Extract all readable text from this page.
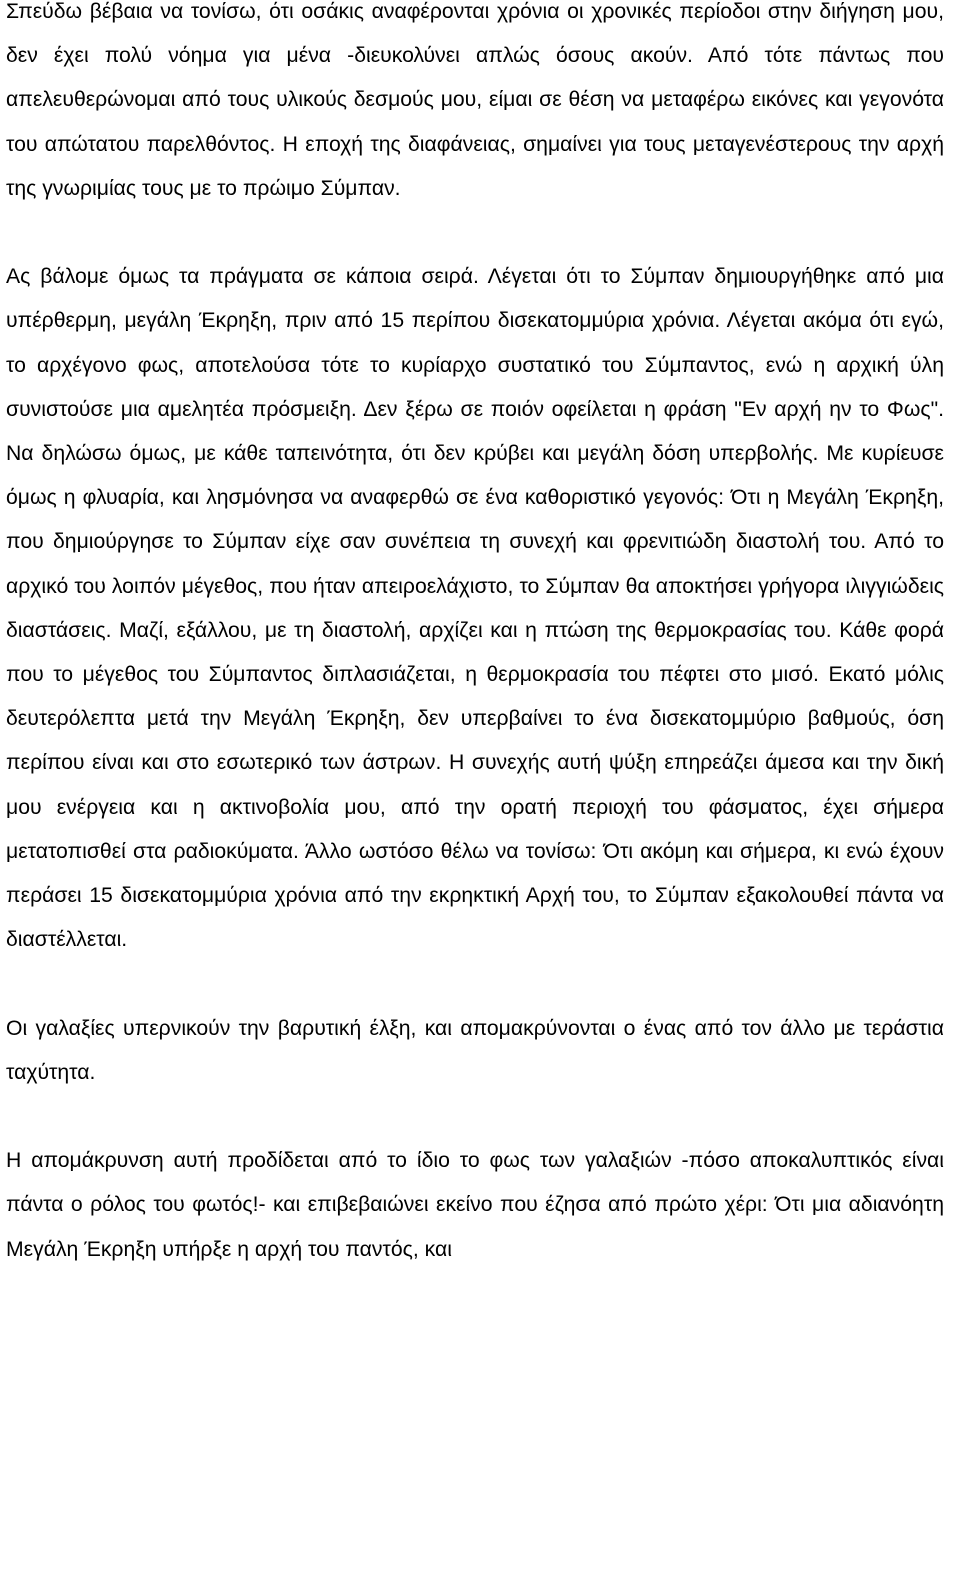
Σπεύδω βέβαια να τονίσω, ότι οσάκις αναφέρονται χρόνια οι χρονικές περίοδοι στην διήγηση μου, δεν έχει πολύ νόημα για μένα -διευκολύνει απλώς όσους ακούν. Από τότε πάντως που απελευθερώνομαι από τους υλικούς δεσμούς μου, είμαι σε θέση να μεταφέρω εικόνες και γεγονότα του απώτατου παρελθόντος. Η εποχή της διαφάνειας, σημαίνει για τους μεταγενέστερους την αρχή της γνωριμίας τους με το πρώιμο Σύμπαν.

Ας βάλομε όμως τα πράγματα σε κάποια σειρά. Λέγεται ότι το Σύμπαν δημιουργήθηκε από μια υπέρθερμη, μεγάλη Έκρηξη, πριν από 15 περίπου δισεκατομμύρια χρόνια. Λέγεται ακόμα ότι εγώ, το αρχέγονο φως, αποτελούσα τότε το κυρίαρχο συστατικό του Σύμπαντος, ενώ η αρχική ύλη συνιστούσε μια αμελητέα πρόσμειξη. Δεν ξέρω σε ποιόν οφείλεται η φράση "Εν αρχή ην το Φως". Να δηλώσω όμως, με κάθε ταπεινότητα, ότι δεν κρύβει και μεγάλη δόση υπερβολής. Με κυρίευσε όμως η φλυαρία, και λησμόνησα να αναφερθώ σε ένα καθοριστικό γεγονός: Ότι η Μεγάλη Έκρηξη, που δημιούργησε το Σύμπαν είχε σαν συνέπεια τη συνεχή και φρενιτιώδη διαστολή του. Από το αρχικό του λοιπόν μέγεθος, που ήταν απειροελάχιστο, το Σύμπαν θα αποκτήσει γρήγορα ιλιγγιώδεις διαστάσεις. Μαζί, εξάλλου, με τη διαστολή, αρχίζει και η πτώση της θερμοκρασίας του. Κάθε φορά που το μέγεθος του Σύμπαντος διπλασιάζεται, η θερμοκρασία του πέφτει στο μισό. Εκατό μόλις δευτερόλεπτα μετά την Μεγάλη Έκρηξη, δεν υπερβαίνει το ένα δισεκατομμύριο βαθμούς, όση περίπου είναι και στο εσωτερικό των άστρων. Η συνεχής αυτή ψύξη επηρεάζει άμεσα και την δική μου ενέργεια και η ακτινοβολία μου, από την ορατή περιοχή του φάσματος, έχει σήμερα μετατοπισθεί στα ραδιοκύματα. Άλλο ωστόσο θέλω να τονίσω: Ότι ακόμη και σήμερα, κι ενώ έχουν περάσει 15 δισεκατομμύρια χρόνια από την εκρηκτική Αρχή του, το Σύμπαν εξακολουθεί πάντα να διαστέλλεται.

Οι γαλαξίες υπερνικούν την βαρυτική έλξη, και απομακρύνονται ο ένας από τον άλλο με τεράστια ταχύτητα.

Η απομάκρυνση αυτή προδίδεται από το ίδιο το φως των γαλαξιών -πόσο αποκαλυπτικός είναι πάντα ο ρόλος του φωτός!- και επιβεβαιώνει εκείνο που έζησα από πρώτο χέρι: Ότι μια αδιανόητη Μεγάλη Έκρηξη υπήρξε η αρχή του παντός, και
